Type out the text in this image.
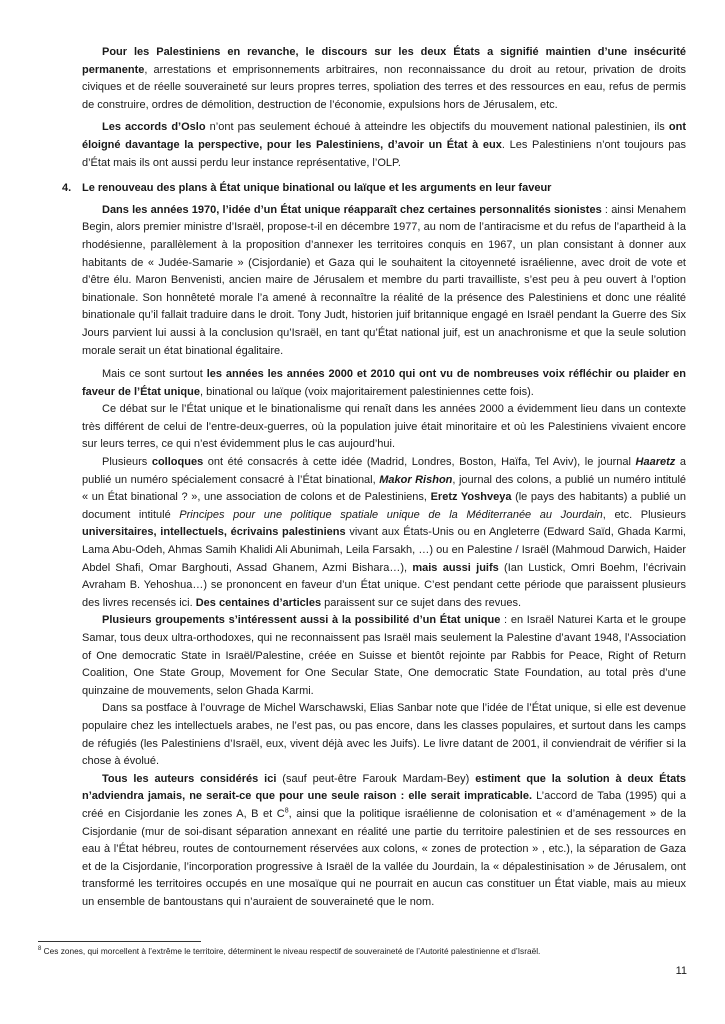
Pour les Palestiniens en revanche, le discours sur les deux États a signifié maintien d’une insécurité permanente, arrestations et emprisonnements arbitraires, non reconnaissance du droit au retour, privation de droits civiques et de réelle souveraineté sur leurs propres terres, spoliation des terres et des ressources en eau, refus de permis de construire, ordres de démolition, destruction de l’économie, expulsions hors de Jérusalem, etc.

Les accords d’Oslo n’ont pas seulement échoué à atteindre les objectifs du mouvement national palestinien, ils ont éloigné davantage la perspective, pour les Palestiniens, d’avoir un État à eux. Les Palestiniens n’ont toujours pas d’État mais ils ont aussi perdu leur instance représentative, l’OLP.

4. Le renouveau des plans à État unique binational ou laïque et les arguments en leur faveur

Dans les années 1970, l’idée d’un État unique réapparaît chez certaines personnalités sionistes : ainsi Menahem Begin, alors premier ministre d’Israël, propose-t-il en décembre 1977, au nom de l’antiracisme et du refus de l’apartheid à la rhodésienne, parallèlement à la proposition d’annexer les territoires conquis en 1967, un plan consistant à donner aux habitants de « Judée-Samarie » (Cisjordanie) et Gaza qui le souhaitent la citoyenneté israélienne, avec droit de vote et d’être élu. Maron Benvenisti, ancien maire de Jérusalem et membre du parti travailliste, s’est peu à peu ouvert à l’option binationale. Son honnêteté morale l’a amené à reconnaître la réalité de la présence des Palestiniens et donc une réalité binationale qu’il fallait traduire dans le droit. Tony Judt, historien juif britannique engagé en Israël pendant la Guerre des Six Jours parvient lui aussi à la conclusion qu’Israël, en tant qu’État national juif, est un anachronisme et que la seule solution morale serait un état binational égalitaire.

Mais ce sont surtout les années les années 2000 et 2010 qui ont vu de nombreuses voix réfléchir ou plaider en faveur de l’État unique, binational ou laïque (voix majoritairement palestiniennes cette fois).

Ce débat sur le l’État unique et le binationalisme qui renaît dans les années 2000 a évidemment lieu dans un contexte très différent de celui de l’entre-deux-guerres, où la population juive était minoritaire et où les Palestiniens vivaient encore sur leurs terres, ce qui n’est évidemment plus le cas aujourd’hui.

Plusieurs colloques ont été consacrés à cette idée (Madrid, Londres, Boston, Haïfa, Tel Aviv), le journal Haaretz a publié un numéro spécialement consacré à l’État binational, Makor Rishon, journal des colons, a publié un numéro intitulé « un État binational ? », une association de colons et de Palestiniens, Eretz Yoshveya (le pays des habitants) a publié un document intitulé Principes pour une politique spatiale unique de la Méditerranée au Jourdain, etc. Plusieurs universitaires, intellectuels, écrivains palestiniens vivant aux États-Unis ou en Angleterre (Edward Saïd, Ghada Karmi, Lama Abu-Odeh, Ahmas Samih Khalidi Ali Abunimah, Leila Farsakh, …) ou en Palestine / Israël (Mahmoud Darwich, Haider Abdel Shafi, Omar Barghouti, Assad Ghanem, Azmi Bishara…), mais aussi juifs (Ian Lustick, Omri Boehm, l’écrivain Avraham B. Yehoshua…) se prononcent en faveur d’un État unique. C’est pendant cette période que paraissent plusieurs des livres recensés ici. Des centaines d’articles paraissent sur ce sujet dans des revues.

Plusieurs groupements s’intéressent aussi à la possibilité d’un État unique : en Israël Naturei Karta et le groupe Samar, tous deux ultra-orthodoxes, qui ne reconnaissent pas Israël mais seulement la Palestine d’avant 1948, l’Association of One democratic State in Israël/Palestine, créée en Suisse et bientôt rejointe par Rabbis for Peace, Right of Return Coalition, One State Group, Movement for One Secular State, One democratic State Foundation, au total près d’une quinzaine de mouvements, selon Ghada Karmi.

Dans sa postface à l’ouvrage de Michel Warschawski, Elias Sanbar note que l’idée de l’État unique, si elle est devenue populaire chez les intellectuels arabes, ne l’est pas, ou pas encore, dans les classes populaires, et surtout dans les camps de réfugiés (les Palestiniens d’Israël, eux, vivent déjà avec les Juifs). Le livre datant de 2001, il conviendrait de vérifier si la chose à évolué.

Tous les auteurs considérés ici (sauf peut-être Farouk Mardam-Bey) estiment que la solution à deux États n’adviendra jamais, ne serait-ce que pour une seule raison : elle serait impraticable. L’accord de Taba (1995) qui a créé en Cisjordanie les zones A, B et $C^8$, ainsi que la politique israélienne de colonisation et « d’aménagement » de la Cisjordanie (mur de soi-disant séparation annexant en réalité une partie du territoire palestinien et de ses ressources en eau à l’État hébreu, routes de contournement réservées aux colons, « zones de protection » , etc.), la séparation de Gaza et de la Cisjordanie, l’incorporation progressive à Israël de la vallée du Jourdain, la « dépalestinisation » de Jérusalem, ont transformé les territoires occupés en une mosaïque qui ne pourrait en aucun cas constituer un État viable, mais au mieux un ensemble de bantoustans qui n’auraient de souveraineté que le nom.

$^8$ Ces zones, qui morcellent à l’extrême le territoire, déterminent le niveau respectif de souveraineté de l’Autorité palestinienne et d’Israël.
11
